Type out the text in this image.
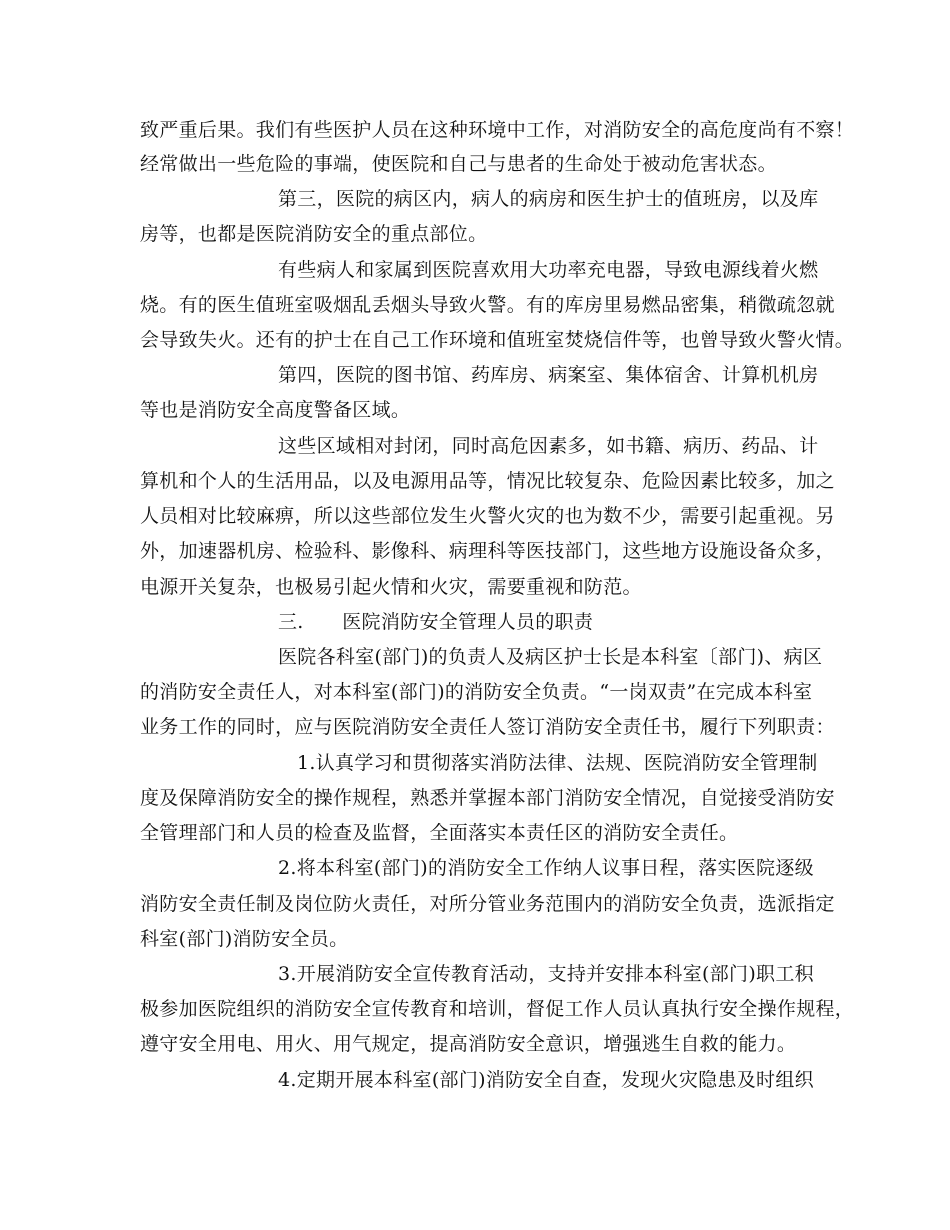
致严重后果。我们有些医护人员在这种环境中工作，对消防安全的高危度尚有不察！
经常做出一些危险的事端，使医院和自己与患者的生命处于被动危害状态。
第三，医院的病区内，病人的病房和医生护士的值班房，以及库
房等，也都是医院消防安全的重点部位。
有些病人和家属到医院喜欢用大功率充电器，导致电源线着火燃
烧。有的医生值班室吸烟乱丢烟头导致火警。有的库房里易燃品密集，稍微疏忽就
会导致失火。还有的护士在自己工作环境和值班室焚烧信件等，也曾导致火警火情。
第四，医院的图书馆、药库房、病案室、集体宿舍、计算机机房
等也是消防安全高度警备区域。
这些区域相对封闭，同时高危因素多，如书籍、病历、药品、计
算机和个人的生活用品，以及电源用品等，情况比较复杂、危险因素比较多，加之
人员相对比较麻痹，所以这些部位发生火警火灾的也为数不少，需要引起重视。另
外，加速器机房、检验科、影像科、病理科等医技部门，这些地方设施设备众多，
电源开关复杂，也极易引起火情和火灾，需要重视和防范。
三.　　医院消防安全管理人员的职责
医院各科室(部门)的负责人及病区护士长是本科室〔部门)、病区
的消防安全责任人，对本科室(部门)的消防安全负责。“一岗双责”在完成本科室
业务工作的同时，应与医院消防安全责任人签订消防安全责任书，履行下列职责：
1.认真学习和贯彻落实消防法律、法规、医院消防安全管理制
度及保障消防安全的操作规程，熟悉并掌握本部门消防安全情况，自觉接受消防安
全管理部门和人员的检查及监督，全面落实本责任区的消防安全责任。
2.将本科室(部门)的消防安全工作纳人议事日程，落实医院逐级
消防安全责任制及岗位防火责任，对所分管业务范围内的消防安全负责，选派指定
科室(部门)消防安全员。
3.开展消防安全宣传教育活动，支持并安排本科室(部门)职工积
极参加医院组织的消防安全宣传教育和培训，督促工作人员认真执行安全操作规程，
遵守安全用电、用火、用气规定，提高消防安全意识，增强逃生自救的能力。
4.定期开展本科室(部门)消防安全自查，发现火灾隐患及时组织
